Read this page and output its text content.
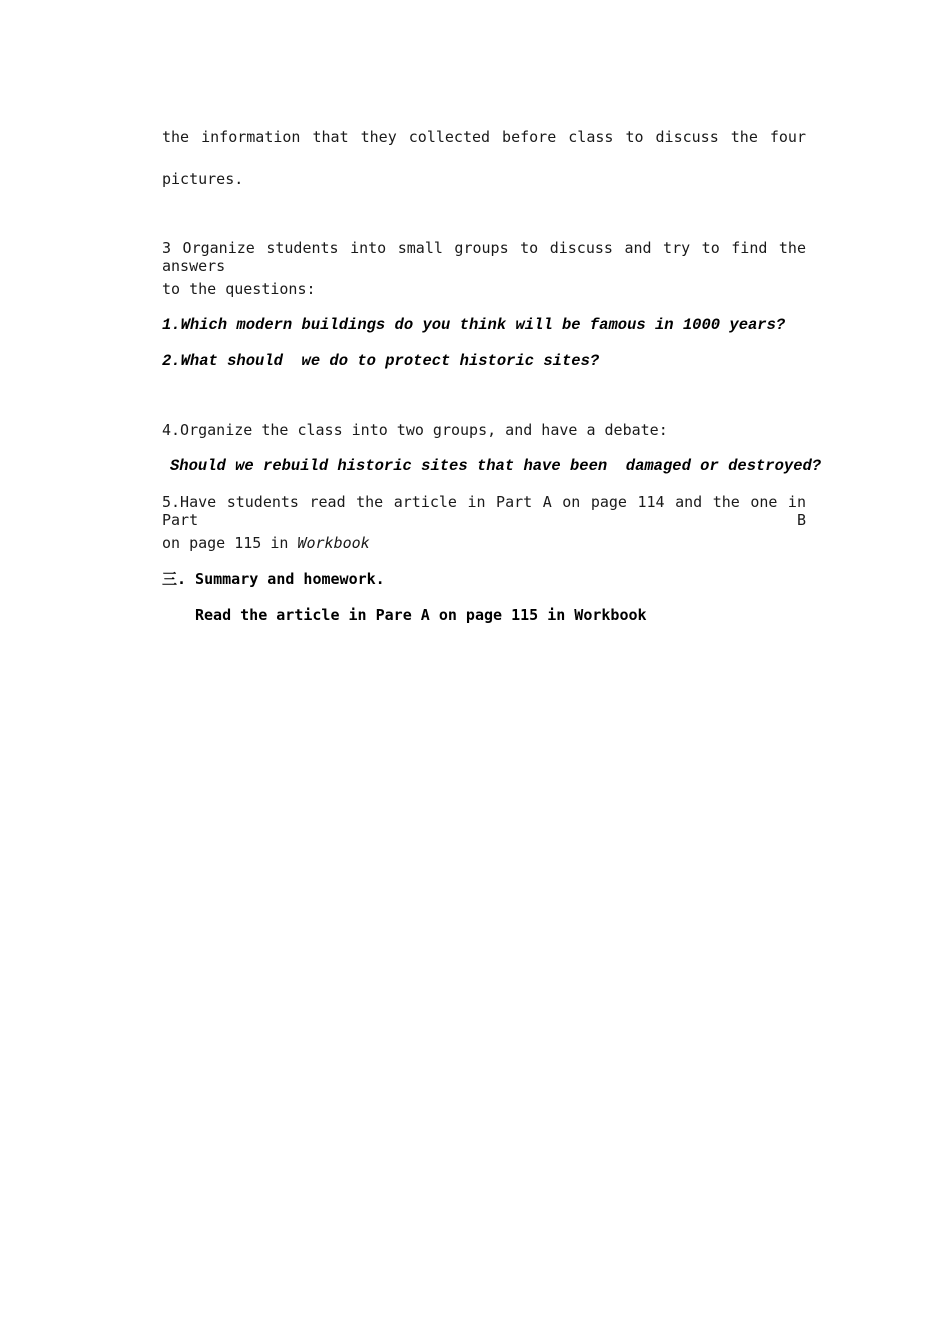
the information that they collected before class to discuss the four
pictures.
3 Organize students into small groups to discuss and try to find the answers
to the questions:
1.Which modern buildings do you think will be famous in 1000 years?
2.What should  we do to protect historic sites?
4.Organize the class into two groups, and have a debate:
Should we rebuild historic sites that have been  damaged or destroyed?
5.Have students read the article in Part A on page 114 and the one in Part B
on page 115 in Workbook
三. Summary and homework.
Read the article in Pare A on page 115 in Workbook
